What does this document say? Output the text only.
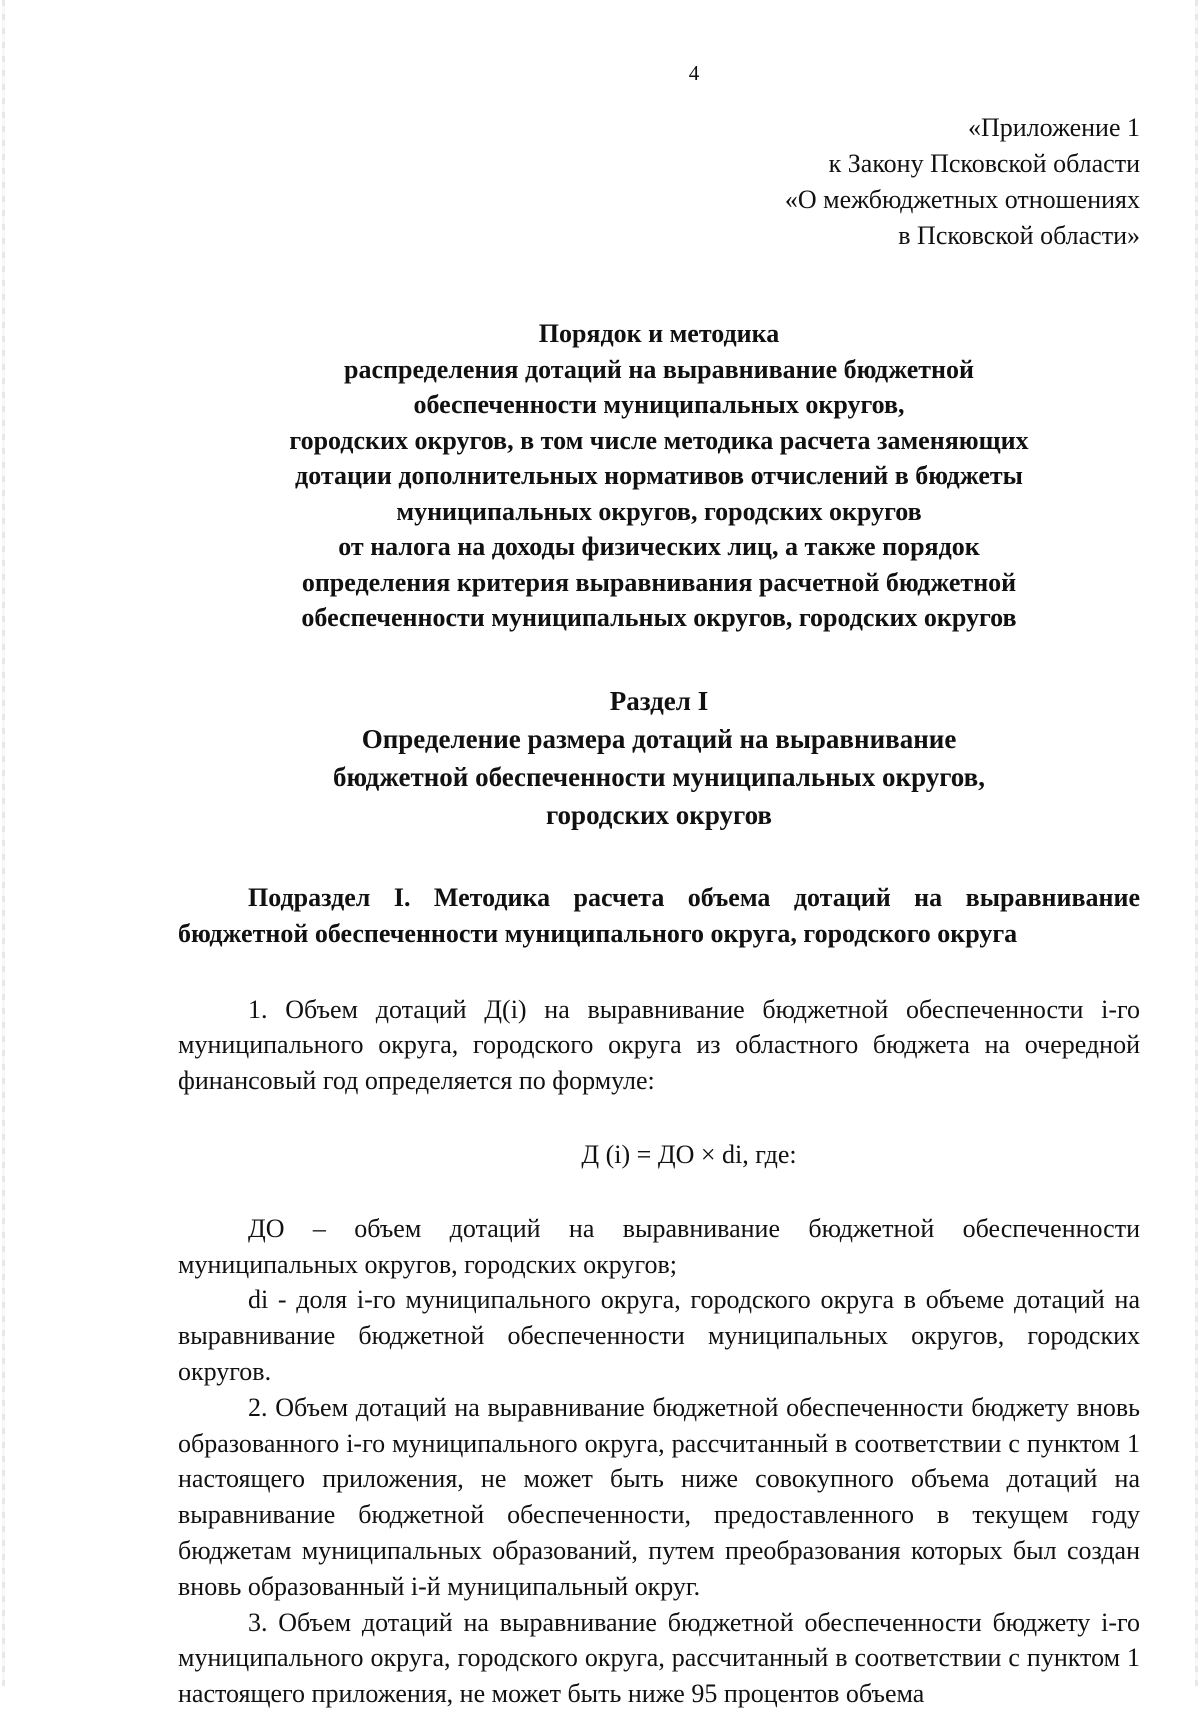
4
«Приложение 1
к Закону Псковской области
«О межбюджетных отношениях
в Псковской области»
Порядок и методика
распределения дотаций на выравнивание бюджетной
обеспеченности муниципальных округов,
городских округов, в том числе методика расчета заменяющих
дотации дополнительных нормативов отчислений в бюджеты
муниципальных округов, городских округов
от налога на доходы физических лиц, а также порядок
определения критерия выравнивания расчетной бюджетной
обеспеченности муниципальных округов, городских округов
Раздел I
Определение размера дотаций на выравнивание
бюджетной обеспеченности муниципальных округов,
городских округов
Подраздел I. Методика расчета объема дотаций на выравнивание бюджетной обеспеченности муниципального округа, городского округа

1. Объем дотаций Д(i) на выравнивание бюджетной обеспеченности i-го муниципального округа, городского округа из областного бюджета на очередной финансовый год определяется по формуле:

Д (i) = ДО × di, где:

ДО – объем дотаций на выравнивание бюджетной обеспеченности муниципальных округов, городских округов;

di - доля i-го муниципального округа, городского округа в объеме дотаций на выравнивание бюджетной обеспеченности муниципальных округов, городских округов.

2. Объем дотаций на выравнивание бюджетной обеспеченности бюджету вновь образованного i-го муниципального округа, рассчитанный в соответствии с пунктом 1 настоящего приложения, не может быть ниже совокупного объема дотаций на выравнивание бюджетной обеспеченности, предоставленного в текущем году бюджетам муниципальных образований, путем преобразования которых был создан вновь образованный i-й муниципальный округ.

3. Объем дотаций на выравнивание бюджетной обеспеченности бюджету i-го муниципального округа, городского округа, рассчитанный в соответствии с пунктом 1 настоящего приложения, не может быть ниже 95 процентов объема
